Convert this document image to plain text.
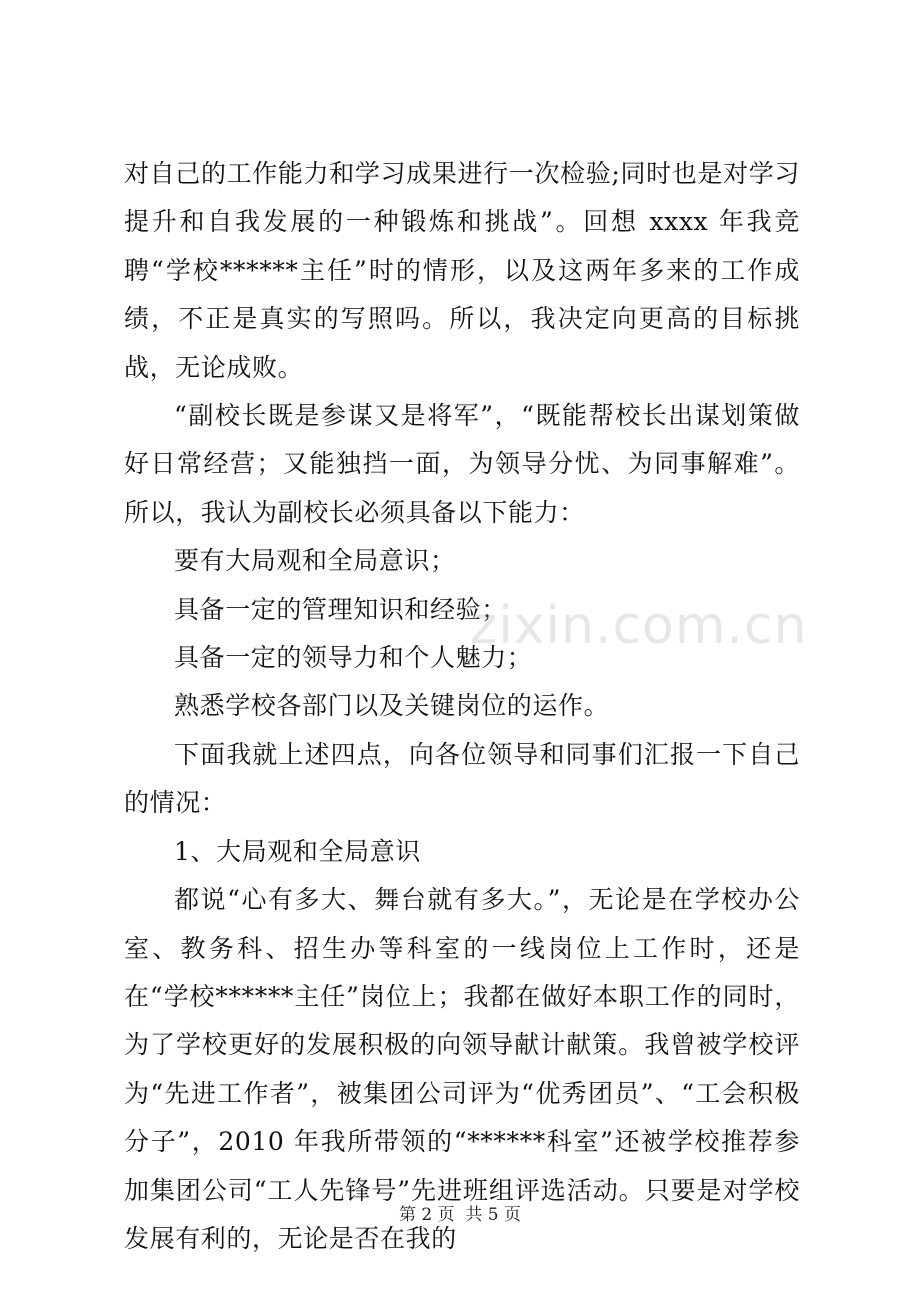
对自己的工作能力和学习成果进行一次检验;同时也是对学习提升和自我发展的一种锻炼和挑战”。回想 xxxx 年我竞聘“学校******主任”时的情形，以及这两年多来的工作成绩，不正是真实的写照吗。所以，我决定向更高的目标挑战，无论成败。

“副校长既是参谋又是将军”，“既能帮校长出谋划策做好日常经营；又能独挡一面，为领导分忧、为同事解难”。所以，我认为副校长必须具备以下能力：

要有大局观和全局意识；

具备一定的管理知识和经验；

具备一定的领导力和个人魅力；

熟悉学校各部门以及关键岗位的运作。

下面我就上述四点，向各位领导和同事们汇报一下自己的情况：

1、大局观和全局意识

都说“心有多大、舞台就有多大。”，无论是在学校办公室、教务科、招生办等科室的一线岗位上工作时，还是在“学校******主任”岗位上；我都在做好本职工作的同时，为了学校更好的发展积极的向领导献计献策。我曾被学校评为“先进工作者”，被集团公司评为“优秀团员”、“工会积极分子”，2010 年我所带领的“******科室”还被学校推荐参加集团公司“工人先锋号”先进班组评选活动。只要是对学校发展有利的，无论是否在我的

zixin.com.cn
第 2 页  共 5 页
